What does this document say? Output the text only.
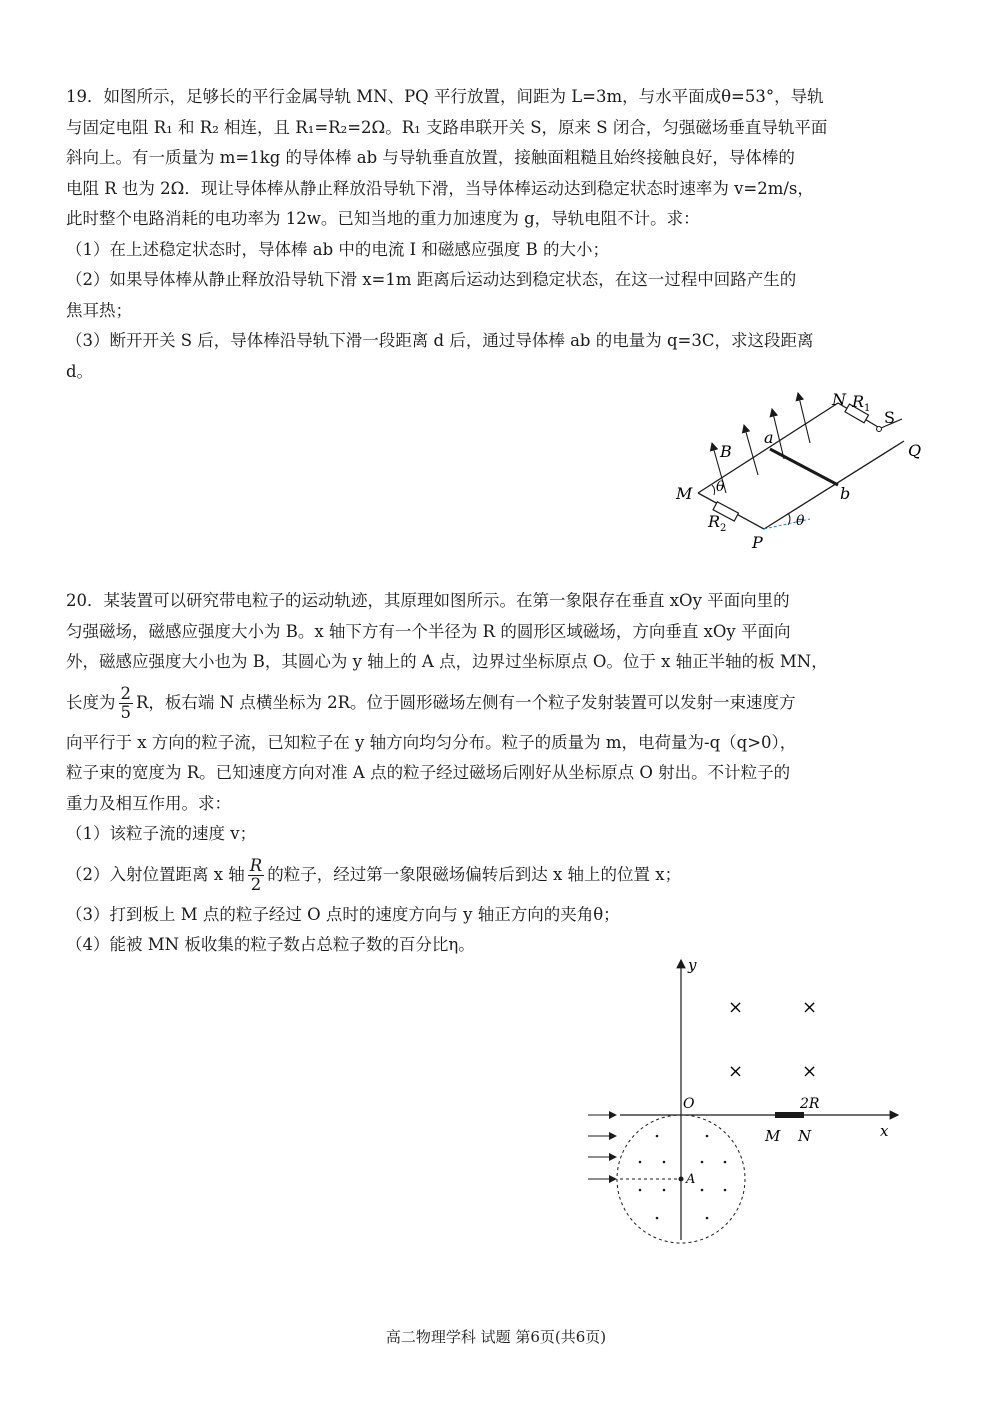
19．如图所示，足够长的平行金属导轨 MN、PQ 平行放置，间距为 L=3m，与水平面成θ=53°，导轨

与固定电阻 R₁ 和 R₂ 相连，且 R₁=R₂=2Ω。R₁ 支路串联开关 S，原来 S 闭合，匀强磁场垂直导轨平面

斜向上。有一质量为 m=1kg 的导体棒 ab 与导轨垂直放置，接触面粗糙且始终接触良好，导体棒的

电阻 R 也为 2Ω．现让导体棒从静止释放沿导轨下滑，当导体棒运动达到稳定状态时速率为 v=2m/s，

此时整个电路消耗的电功率为 12w。已知当地的重力加速度为 g，导轨电阻不计。求：

（1）在上述稳定状态时，导体棒 ab 中的电流 I 和磁感应强度 B 的大小；

（2）如果导体棒从静止释放沿导轨下滑 x=1m 距离后运动达到稳定状态，在这一过程中回路产生的

焦耳热；

（3）断开开关 S 后，导体棒沿导轨下滑一段距离 d 后，通过导体棒 ab 的电量为 q=3C，求这段距离

d。

M
N
P
Q
a
b
B
S
θ
θ
$R_1$
$R_2$

20．某装置可以研究带电粒子的运动轨迹，其原理如图所示。在第一象限存在垂直 xOy 平面向里的

匀强磁场，磁感应强度大小为 B。x 轴下方有一个半径为 R 的圆形区域磁场，方向垂直 xOy 平面向

外，磁感应强度大小也为 B，其圆心为 y 轴上的 A 点，边界过坐标原点 O。位于 x 轴正半轴的板 MN，

长度为 $\frac{2}{5}$ R，板右端 N 点横坐标为 2R。位于圆形磁场左侧有一个粒子发射装置可以发射一束速度方

向平行于 x 方向的粒子流，已知粒子在 y 轴方向均匀分布。粒子的质量为 m，电荷量为-q（q>0），

粒子束的宽度为 R。已知速度方向对准 A 点的粒子经过磁场后刚好从坐标原点 O 射出。不计粒子的

重力及相互作用。求：

（1）该粒子流的速度 v；

（2）入射位置距离 x 轴 $\frac{R}{2}$ 的粒子，经过第一象限磁场偏转后到达 x 轴上的位置 x；

（3）打到板上 M 点的粒子经过 O 点时的速度方向与 y 轴正方向的夹角θ；

（4）能被 MN 板收集的粒子数占总粒子数的百分比η。

×	×
×	×
y
x
O
A
M N
2R
高二物理学科 试题 第6页(共6页)
